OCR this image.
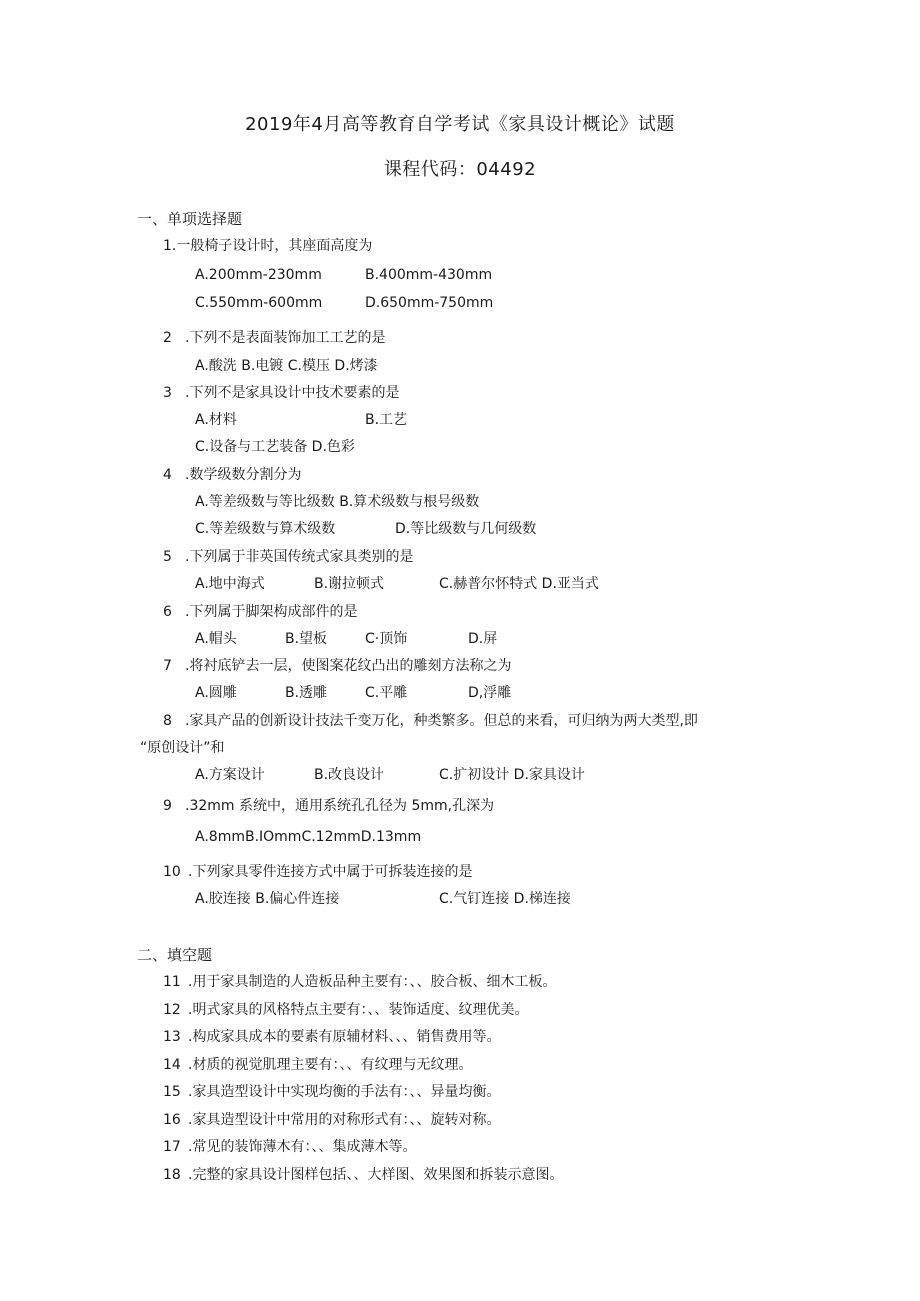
2019年4月高等教育自学考试《家具设计概论》试题
课程代码：04492
一、单项选择题
1.一般椅子设计时，其座面高度为
A.200mm-230mm	B.400mm-430mm
C.550mm-600mm	D.650mm-750mm
2 .下列不是表面装饰加工工艺的是
A.酸洗 B.电镀 C.模压 D.烤漆
3 .下列不是家具设计中技术要素的是
A.材料	B.工艺
C.设备与工艺装备 D.色彩
4 .数学级数分割分为
A.等差级数与等比级数 B.算术级数与根号级数
C.等差级数与算术级数	D.等比级数与几何级数
5 .下列属于非英国传统式家具类别的是
A.地中海式	B.谢拉顿式	C.赫普尔怀特式 D.亚当式
6 .下列属于脚架构成部件的是
A.帽头	B.望板	C·顶饰	D.屏
7 .将衬底铲去一层，使图案花纹凸出的雕刻方法称之为
A.圆雕	B.透雕	C.平雕	D,浮雕
8 .家具产品的创新设计技法千变万化，种类繁多。但总的来看，可归纳为两大类型,即
“原创设计”和
A.方案设计	B.改良设计	C.扩初设计 D.家具设计
9 .32mm 系统中，通用系统孔孔径为 5mm,孔深为
A.8mmB.IOmmC.12mmD.13mm
10 .下列家具零件连接方式中属于可拆装连接的是
A.胶连接 B.偏心件连接	C.气钉连接 D.梯连接
二、填空题
11 .用于家具制造的人造板品种主要有：、、胶合板、细木工板。
12 .明式家具的风格特点主要有：、、装饰适度、纹理优美。
13 .构成家具成本的要素有原辅材料、、、销售费用等。
14 .材质的视觉肌理主要有：、、有纹理与无纹理。
15 .家具造型设计中实现均衡的手法有：、、异量均衡。
16 .家具造型设计中常用的对称形式有：、、旋转对称。
17 .常见的装饰薄木有：、、集成薄木等。
18 .完整的家具设计图样包括、、大样图、效果图和拆装示意图。
